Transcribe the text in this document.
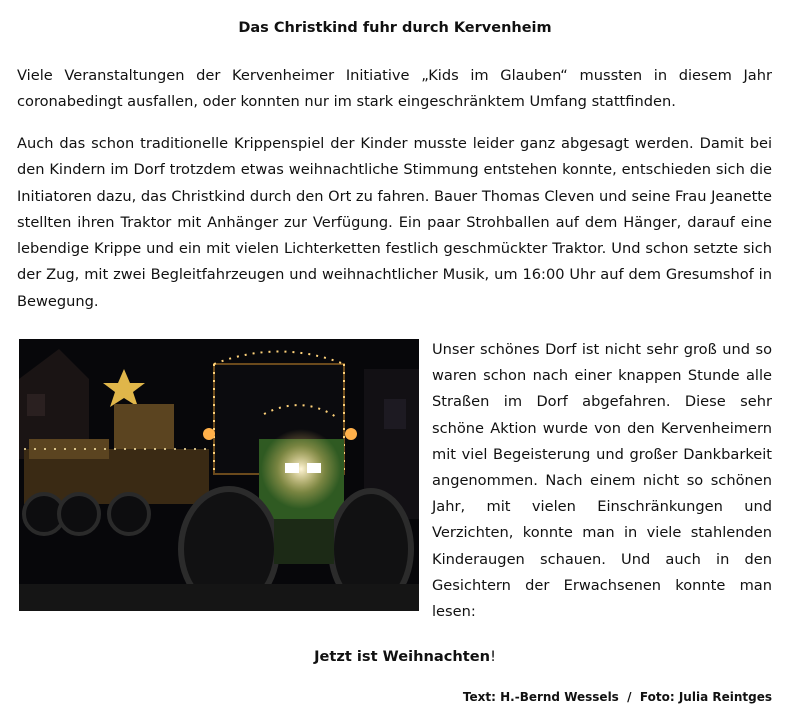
Das Christkind fuhr durch Kervenheim

Viele Veranstaltungen der Kervenheimer Initiative „Kids im Glauben“ mussten in diesem Jahr coronabedingt ausfallen, oder konnten nur im stark eingeschränktem Umfang stattfinden.

Auch das schon traditionelle Krippenspiel der Kinder musste leider ganz abgesagt werden. Damit bei den Kindern im Dorf trotzdem etwas weihnachtliche Stimmung entstehen konnte, entschieden sich die Initiatoren dazu, das Christkind durch den Ort zu fahren. Bauer Thomas Cleven und seine Frau Jeanette stellten ihren Traktor mit Anhänger zur Verfügung. Ein paar Strohballen auf dem Hänger, darauf eine lebendige Krippe und ein mit vielen Lichterketten festlich geschmückter Traktor. Und schon setzte sich der Zug, mit zwei Begleitfahrzeugen und weihnachtlicher Musik, um 16:00 Uhr auf dem Gresumshof in Bewegung.

Unser schönes Dorf ist nicht sehr groß und so waren schon nach einer knappen Stunde alle Straßen im Dorf abgefahren. Diese sehr schöne Aktion wurde von den Kervenheimern mit viel Begeisterung und großer Dankbarkeit angenommen. Nach einem nicht so schönen Jahr, mit vielen Einschränkungen und Verzichten, konnte man in viele stahlenden Kinderaugen schauen. Und auch in den Gesichtern der Erwachsenen konnte man lesen:

Jetzt ist Weihnachten!
Text: H.-Bernd Wessels  /  Foto: Julia Reintges
